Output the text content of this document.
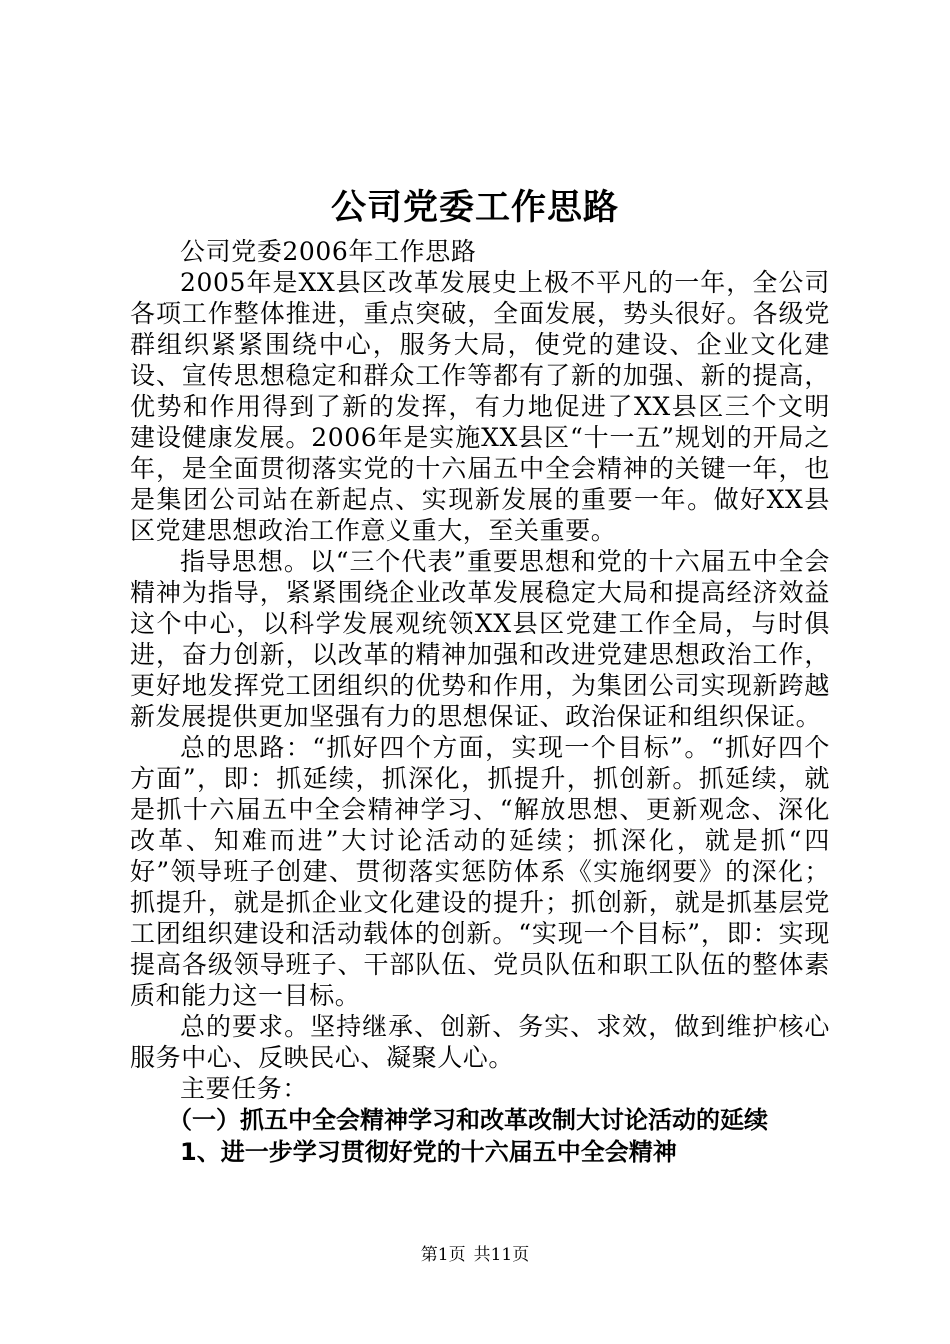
公司党委工作思路

公司党委2006年工作思路

2005年是XX县区改革发展史上极不平凡的一年，全公司各项工作整体推进，重点突破，全面发展，势头很好。各级党群组织紧紧围绕中心，服务大局，使党的建设、企业文化建设、宣传思想稳定和群众工作等都有了新的加强、新的提高，优势和作用得到了新的发挥，有力地促进了XX县区三个文明建设健康发展。2006年是实施XX县区“十一五”规划的开局之年，是全面贯彻落实党的十六届五中全会精神的关键一年，也是集团公司站在新起点、实现新发展的重要一年。做好XX县区党建思想政治工作意义重大，至关重要。

指导思想。以“三个代表”重要思想和党的十六届五中全会精神为指导，紧紧围绕企业改革发展稳定大局和提高经济效益这个中心，以科学发展观统领XX县区党建工作全局，与时俱进，奋力创新，以改革的精神加强和改进党建思想政治工作，更好地发挥党工团组织的优势和作用，为集团公司实现新跨越新发展提供更加坚强有力的思想保证、政治保证和组织保证。

总的思路：“抓好四个方面，实现一个目标”。“抓好四个方面”，即：抓延续，抓深化，抓提升，抓创新。抓延续，就是抓十六届五中全会精神学习、“解放思想、更新观念、深化改革、知难而进”大讨论活动的延续；抓深化，就是抓“四好”领导班子创建、贯彻落实惩防体系《实施纲要》的深化；抓提升，就是抓企业文化建设的提升；抓创新，就是抓基层党工团组织建设和活动载体的创新。“实现一个目标”，即：实现提高各级领导班子、干部队伍、党员队伍和职工队伍的整体素质和能力这一目标。

总的要求。坚持继承、创新、务实、求效，做到维护核心服务中心、反映民心、凝聚人心。

主要任务：

（一）抓五中全会精神学习和改革改制大讨论活动的延续

1、进一步学习贯彻好党的十六届五中全会精神

第1页 共11页
